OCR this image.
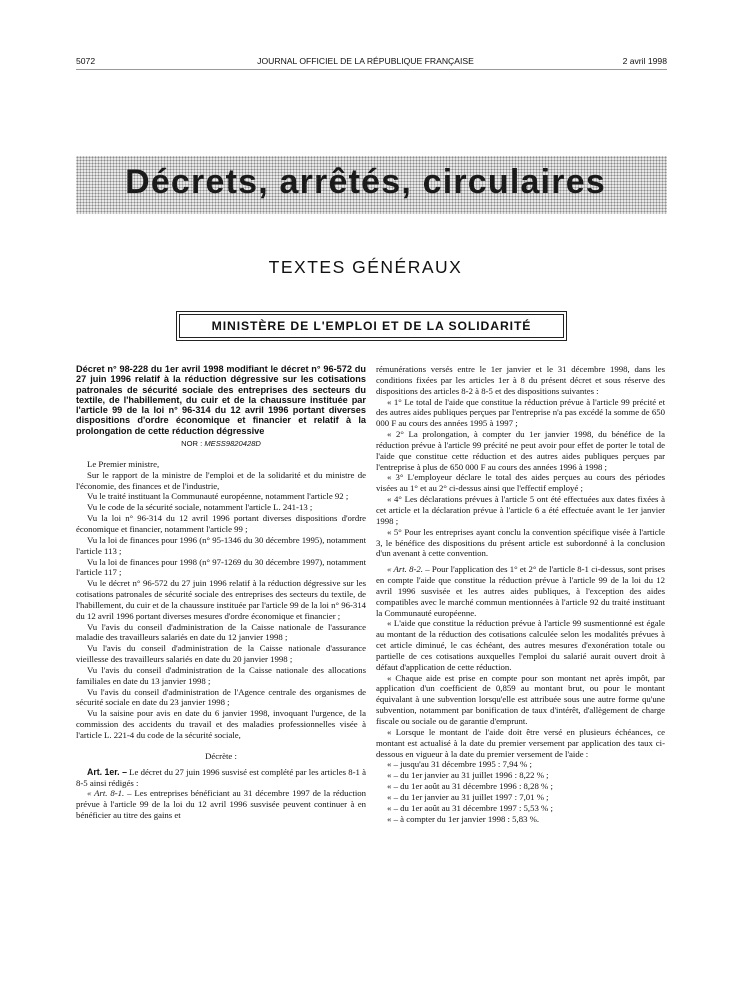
5072	JOURNAL OFFICIEL DE LA RÉPUBLIQUE FRANÇAISE	2 avril 1998
Décrets, arrêtés, circulaires
TEXTES GÉNÉRAUX
MINISTÈRE DE L'EMPLOI ET DE LA SOLIDARITÉ

Décret n° 98-228 du 1er avril 1998 modifiant le décret n° 96-572 du 27 juin 1996 relatif à la réduction dégressive sur les cotisations patronales de sécurité sociale des entreprises des secteurs du textile, de l'habillement, du cuir et de la chaussure instituée par l'article 99 de la loi n° 96-314 du 12 avril 1996 portant diverses dispositions d'ordre économique et financier et relatif à la prolongation de cette réduction dégressive

NOR : MESS9820428D

Le Premier ministre,

Sur le rapport de la ministre de l'emploi et de la solidarité et du ministre de l'économie, des finances et de l'industrie,

Vu le traité instituant la Communauté européenne, notamment l'article 92 ;

Vu le code de la sécurité sociale, notamment l'article L. 241-13 ;

Vu la loi n° 96-314 du 12 avril 1996 portant diverses dispositions d'ordre économique et financier, notamment l'article 99 ;

Vu la loi de finances pour 1996 (n° 95-1346 du 30 décembre 1995), notamment l'article 113 ;

Vu la loi de finances pour 1998 (n° 97-1269 du 30 décembre 1997), notamment l'article 117 ;

Vu le décret n° 96-572 du 27 juin 1996 relatif à la réduction dégressive sur les cotisations patronales de sécurité sociale des entreprises des secteurs du textile, de l'habillement, du cuir et de la chaussure instituée par l'article 99 de la loi n° 96-314 du 12 avril 1996 portant diverses mesures d'ordre économique et financier ;

Vu l'avis du conseil d'administration de la Caisse nationale de l'assurance maladie des travailleurs salariés en date du 12 janvier 1998 ;

Vu l'avis du conseil d'administration de la Caisse nationale d'assurance vieillesse des travailleurs salariés en date du 20 janvier 1998 ;

Vu l'avis du conseil d'administration de la Caisse nationale des allocations familiales en date du 13 janvier 1998 ;

Vu l'avis du conseil d'administration de l'Agence centrale des organismes de sécurité sociale en date du 23 janvier 1998 ;

Vu la saisine pour avis en date du 6 janvier 1998, invoquant l'urgence, de la commission des accidents du travail et des maladies professionnelles visée à l'article L. 221-4 du code de la sécurité sociale,

Décrète :

Art. 1er. – Le décret du 27 juin 1996 susvisé est complété par les articles 8-1 à 8-5 ainsi rédigés :

« Art. 8-1. – Les entreprises bénéficiant au 31 décembre 1997 de la réduction prévue à l'article 99 de la loi du 12 avril 1996 susvisée peuvent continuer à en bénéficier au titre des gains et

rémunérations versés entre le 1er janvier et le 31 décembre 1998, dans les conditions fixées par les articles 1er à 8 du présent décret et sous réserve des dispositions des articles 8-2 à 8-5 et des dispositions suivantes :

« 1° Le total de l'aide que constitue la réduction prévue à l'article 99 précité et des autres aides publiques perçues par l'entreprise n'a pas excédé la somme de 650 000 F au cours des années 1995 à 1997 ;

« 2° La prolongation, à compter du 1er janvier 1998, du bénéfice de la réduction prévue à l'article 99 précité ne peut avoir pour effet de porter le total de l'aide que constitue cette réduction et des autres aides publiques perçues par l'entreprise à plus de 650 000 F au cours des années 1996 à 1998 ;

« 3° L'employeur déclare le total des aides perçues au cours des périodes visées au 1° et au 2° ci-dessus ainsi que l'effectif employé ;

« 4° Les déclarations prévues à l'article 5 ont été effectuées aux dates fixées à cet article et la déclaration prévue à l'article 6 a été effectuée avant le 1er janvier 1998 ;

« 5° Pour les entreprises ayant conclu la convention spécifique visée à l'article 3, le bénéfice des dispositions du présent article est subordonné à la conclusion d'un avenant à cette convention.

« Art. 8-2. – Pour l'application des 1° et 2° de l'article 8-1 ci-dessus, sont prises en compte l'aide que constitue la réduction prévue à l'article 99 de la loi du 12 avril 1996 susvisée et les autres aides publiques, à l'exception des aides compatibles avec le marché commun mentionnées à l'article 92 du traité instituant la Communauté européenne.

« L'aide que constitue la réduction prévue à l'article 99 susmentionné est égale au montant de la réduction des cotisations calculée selon les modalités prévues à cet article diminué, le cas échéant, des autres mesures d'exonération totale ou partielle de ces cotisations auxquelles l'emploi du salarié aurait ouvert droit à défaut d'application de cette réduction.

« Chaque aide est prise en compte pour son montant net après impôt, par application d'un coefficient de 0,859 au montant brut, ou pour le montant équivalant à une subvention lorsqu'elle est attribuée sous une autre forme qu'une subvention, notamment par bonification de taux d'intérêt, d'allègement de charge fiscale ou sociale ou de garantie d'emprunt.

« Lorsque le montant de l'aide doit être versé en plusieurs échéances, ce montant est actualisé à la date du premier versement par application des taux ci-dessous en vigueur à la date du premier versement de l'aide :

« – jusqu'au 31 décembre 1995 : 7,94 % ;

« – du 1er janvier au 31 juillet 1996 : 8,22 % ;

« – du 1er août au 31 décembre 1996 : 8,28 % ;

« – du 1er janvier au 31 juillet 1997 : 7,01 % ;

« – du 1er août au 31 décembre 1997 : 5,53 % ;

« – à compter du 1er janvier 1998 : 5,83 %.
